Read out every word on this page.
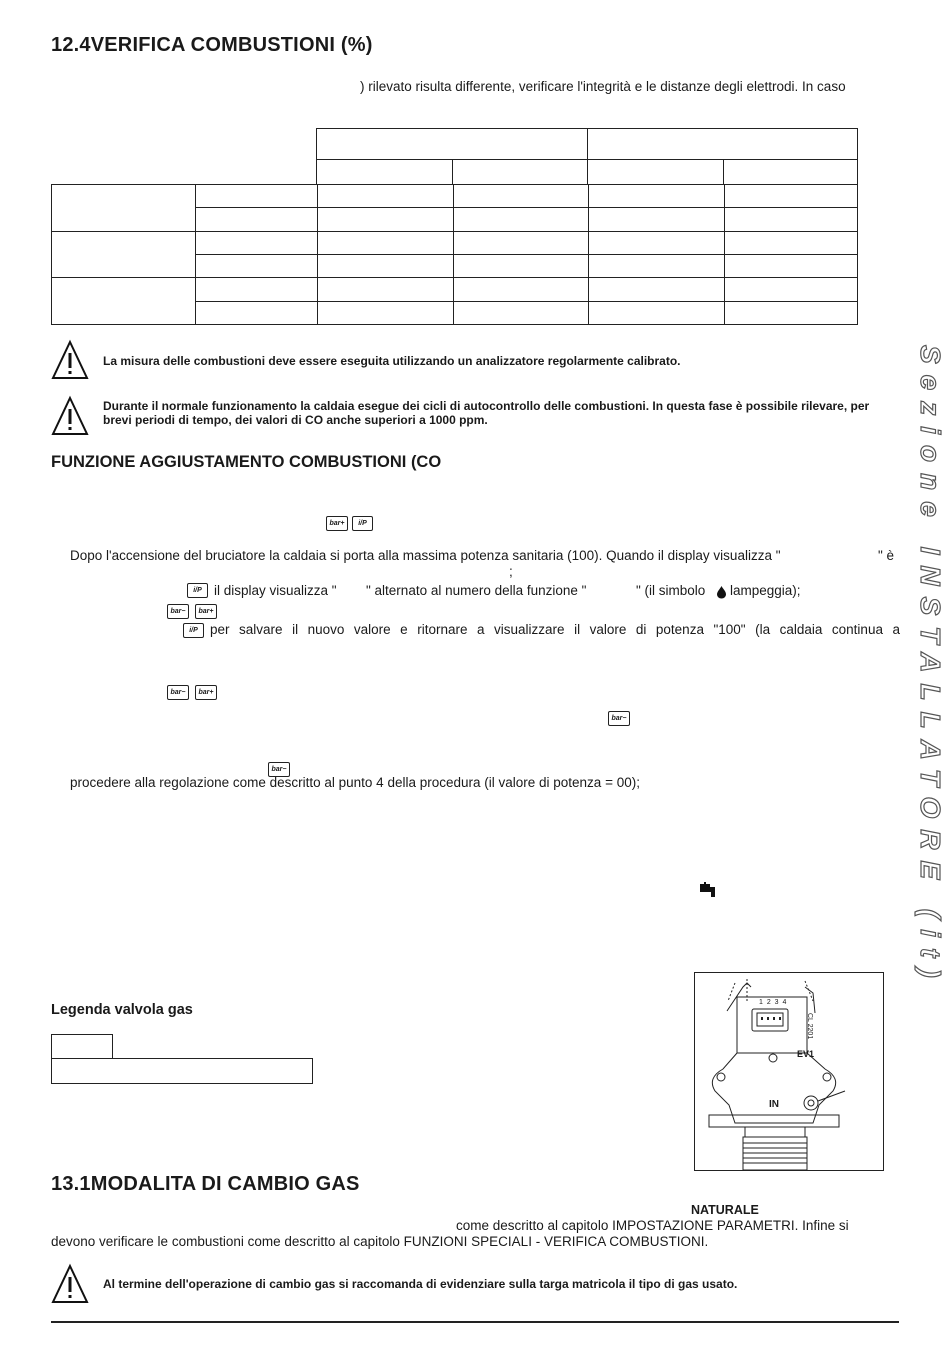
12.4VERIFICA COMBUSTIONI (%)
) rilevato risulta differente, verificare l'integrità e le distanze degli elettrodi. In caso

La misura delle combustioni deve essere eseguita utilizzando un analizzatore regolarmente calibrato.
Durante il normale funzionamento la caldaia esegue dei cicli di autocontrollo delle combustioni. In questa fase è possibile rilevare, per brevi periodi di tempo, dei valori di CO anche superiori a 1000 ppm.
FUNZIONE AGGIUSTAMENTO COMBUSTIONI (CO
bar+	i/P
Dopo l'accensione del bruciatore la caldaia si porta alla massima potenza sanitaria (100). Quando il display visualizza "	" è
;
i/P il display visualizza " " alternato al numero della funzione "	" (il simbolo lampeggia);
bar−	bar+
i/P per salvare il nuovo valore e ritornare a visualizzare il valore di potenza "100" (la caldaia continua a
bar−	bar+
bar−
bar−
procedere alla regolazione come descritto al punto 4 della procedura (il valore di potenza = 00);
Legenda valvola gas	1 2 3 4
EV1
IN
CL 2201
13.1MODALITA DI CAMBIO GAS
NATURALE
come descritto al capitolo IMPOSTAZIONE PARAMETRI. Infine si
devono verificare le combustioni come descritto al capitolo FUNZIONI SPECIALI - VERIFICA COMBUSTIONI.
Al termine dell'operazione di cambio gas si raccomanda di evidenziare sulla targa matricola il tipo di gas usato.
Sezione INSTALLATORE (it)
